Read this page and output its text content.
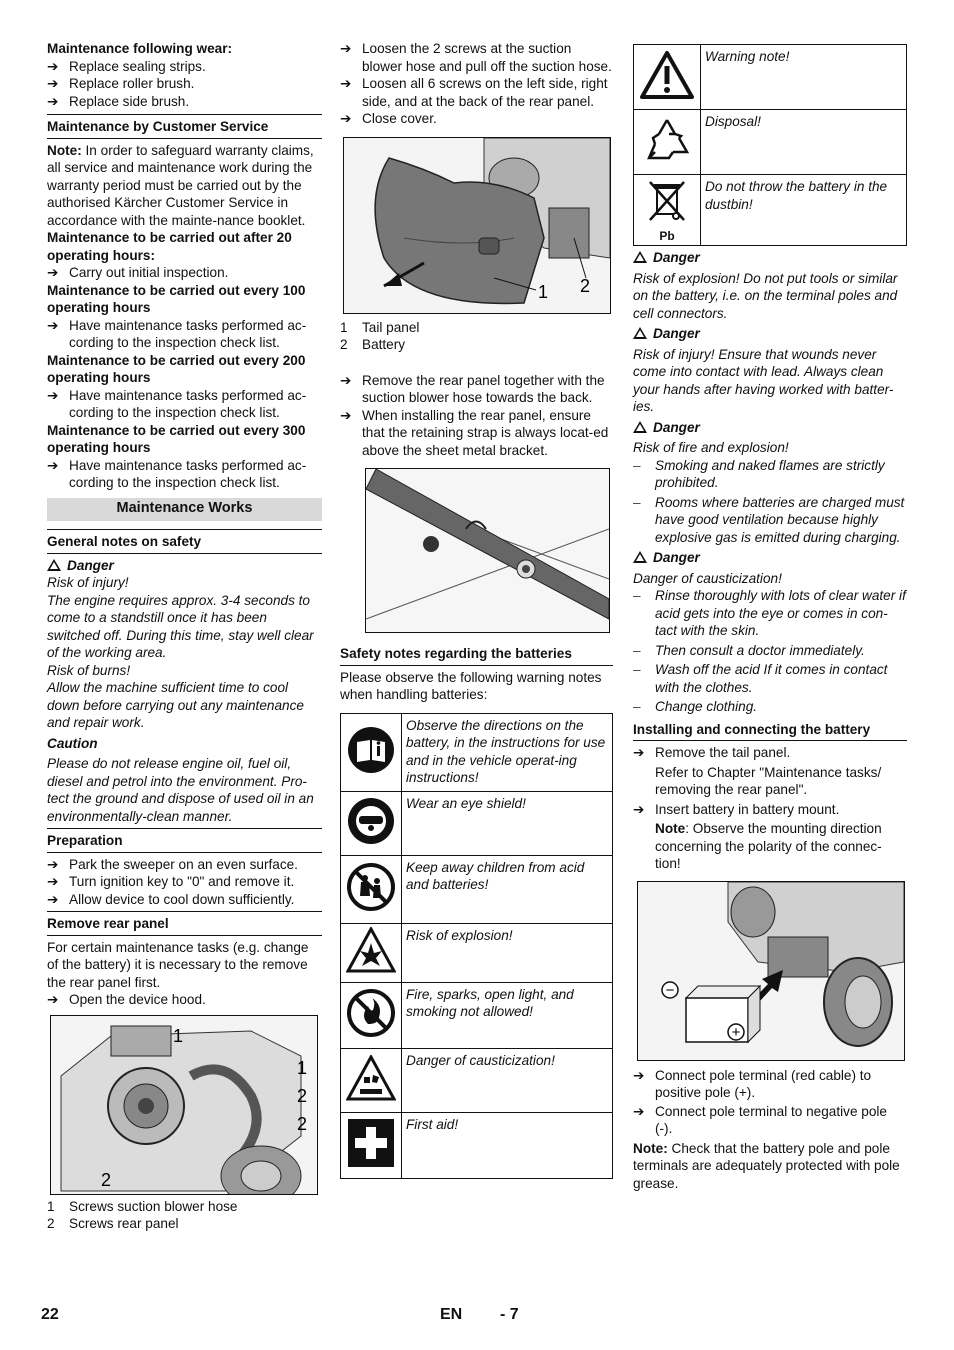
Maintenance following wear:

➔ Replace sealing strips.
➔ Replace roller brush.
➔ Replace side brush.
Maintenance by Customer Service

Note: In order to safeguard warranty claims, all service and maintenance work during the warranty period must be carried out by the authorised Kärcher Customer Service in accordance with the mainte-nance booklet.

Maintenance to be carried out after 20 operating hours:

➔ Carry out initial inspection.

Maintenance to be carried out every 100 operating hours

➔ Have maintenance tasks performed ac-cording to the inspection check list.

Maintenance to be carried out every 200 operating hours

➔ Have maintenance tasks performed ac-cording to the inspection check list.

Maintenance to be carried out every 300 operating hours

➔ Have maintenance tasks performed ac-cording to the inspection check list.
Maintenance Works
General notes on safety

Danger

Risk of injury!

The engine requires approx. 3-4 seconds to come to a standstill once it has been switched off. During this time, stay well clear of the working area.

Risk of burns!

Allow the machine sufficient time to cool down before carrying out any maintenance and repair work.

Caution

Please do not release engine oil, fuel oil, diesel and petrol into the environment. Pro-tect the ground and dispose of used oil in an environmentally-clean manner.

Preparation
➔ Park the sweeper on an even surface.
➔ Turn ignition key to "0" and remove it.
➔ Allow device to cool down sufficiently.
Remove rear panel

For certain maintenance tasks (e.g. change of the battery) it is necessary to the remove the rear panel first.

➔ Open the device hood.
1
1
2
2
2
1 Screws suction blower hose
2 Screws rear panel
➔ Loosen the 2 screws at the suction blower hose and pull off the suction hose.
➔ Loosen all 6 screws on the left side, right side, and at the back of the rear panel.
➔ Close cover.
1 2
1 Tail panel
2 Battery
➔ Remove the rear panel together with the suction blower hose towards the back.
➔ When installing the rear panel, ensure that the retaining strap is always locat-ed above the sheet metal bracket.
Safety notes regarding the batteries

Please observe the following warning notes when handling batteries:

	Observe the directions on the battery, in the instructions for use and in the vehicle operat-ing instructions!
	Wear an eye shield!
	Keep away children from acid and batteries!
	Risk of explosion!
	Fire, sparks, open light, and smoking not allowed!
	Danger of causticization!
	First aid!
	Warning note!
	Disposal!

Pb	Do not throw the battery in the dustbin!

Danger

Risk of explosion! Do not put tools or similar on the battery, i.e. on the terminal poles and cell connectors.

Danger

Risk of injury! Ensure that wounds never come into contact with lead. Always clean your hands after having worked with batter-ies.

Danger

Risk of fire and explosion!

– Smoking and naked flames are strictly prohibited.
– Rooms where batteries are charged must have good ventilation because highly explosive gas is emitted during charging.

Danger

Danger of causticization!

– Rinse thoroughly with lots of clear water if acid gets into the eye or comes in con-tact with the skin.
– Then consult a doctor immediately.
– Wash off the acid If it comes in contact with the clothes.
– Change clothing.
Installing and connecting the battery
➔ Remove the tail panel.

Refer to Chapter "Maintenance tasks/ removing the rear panel".

➔ Insert battery in battery mount.

Note: Observe the mounting direction concerning the polarity of the connec-tion!

−
+
➔ Connect pole terminal (red cable) to positive pole (+).
➔ Connect pole terminal to negative pole (-).

Note: Check that the battery pole and pole terminals are adequately protected with pole grease.

22	EN - 7
